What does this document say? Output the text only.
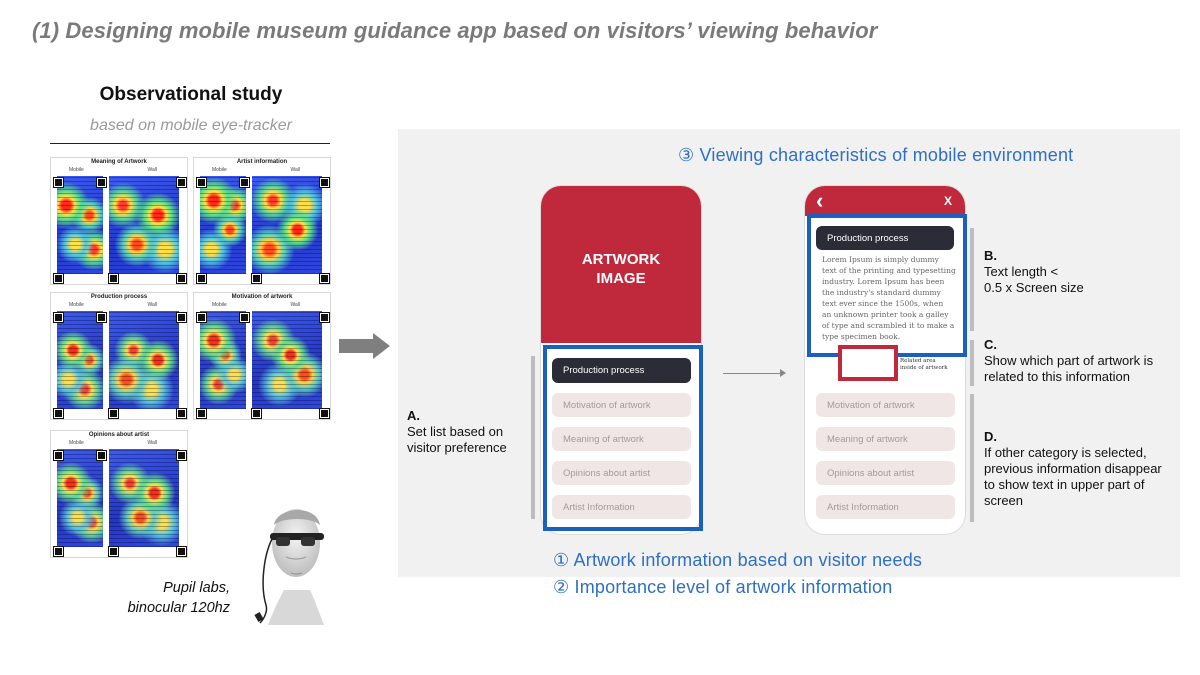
(1) Designing mobile museum guidance app based on visitors’ viewing behavior
Observational study
based on mobile eye-tracker
Meaning of Artwork
Mobile	Wall
Artist information
Mobile	Wall
Production process
Mobile	Wall
Motivation of artwork
Mobile	Wall
Opinions about artist
Mobile	Wall
Pupil labs,
binocular 120hz
③ Viewing characteristics of mobile environment
① Artwork information based on visitor needs
② Importance level of artwork information
ARTWORK
IMAGE
Production process
Motivation of artwork
Meaning of artwork
Opinions about artist
Artist Information
A.
Set list based on
visitor preference
‹	X
Production process
Lorem Ipsum is simply dummy
text of the printing and typesetting
industry. Lorem Ipsum has been
the industry's standard dummy
text ever since the 1500s, when
an unknown printer took a galley
of type and scrambled it to make a
type specimen book.
Related area
inside of artwork
Motivation of artwork
Meaning of artwork
Opinions about artist
Artist Information
B.
Text length <
0.5 x Screen size
C.
Show which part of artwork is
related to this information
D.
If other category is selected,
previous information disappear
to show text in upper part of
screen
